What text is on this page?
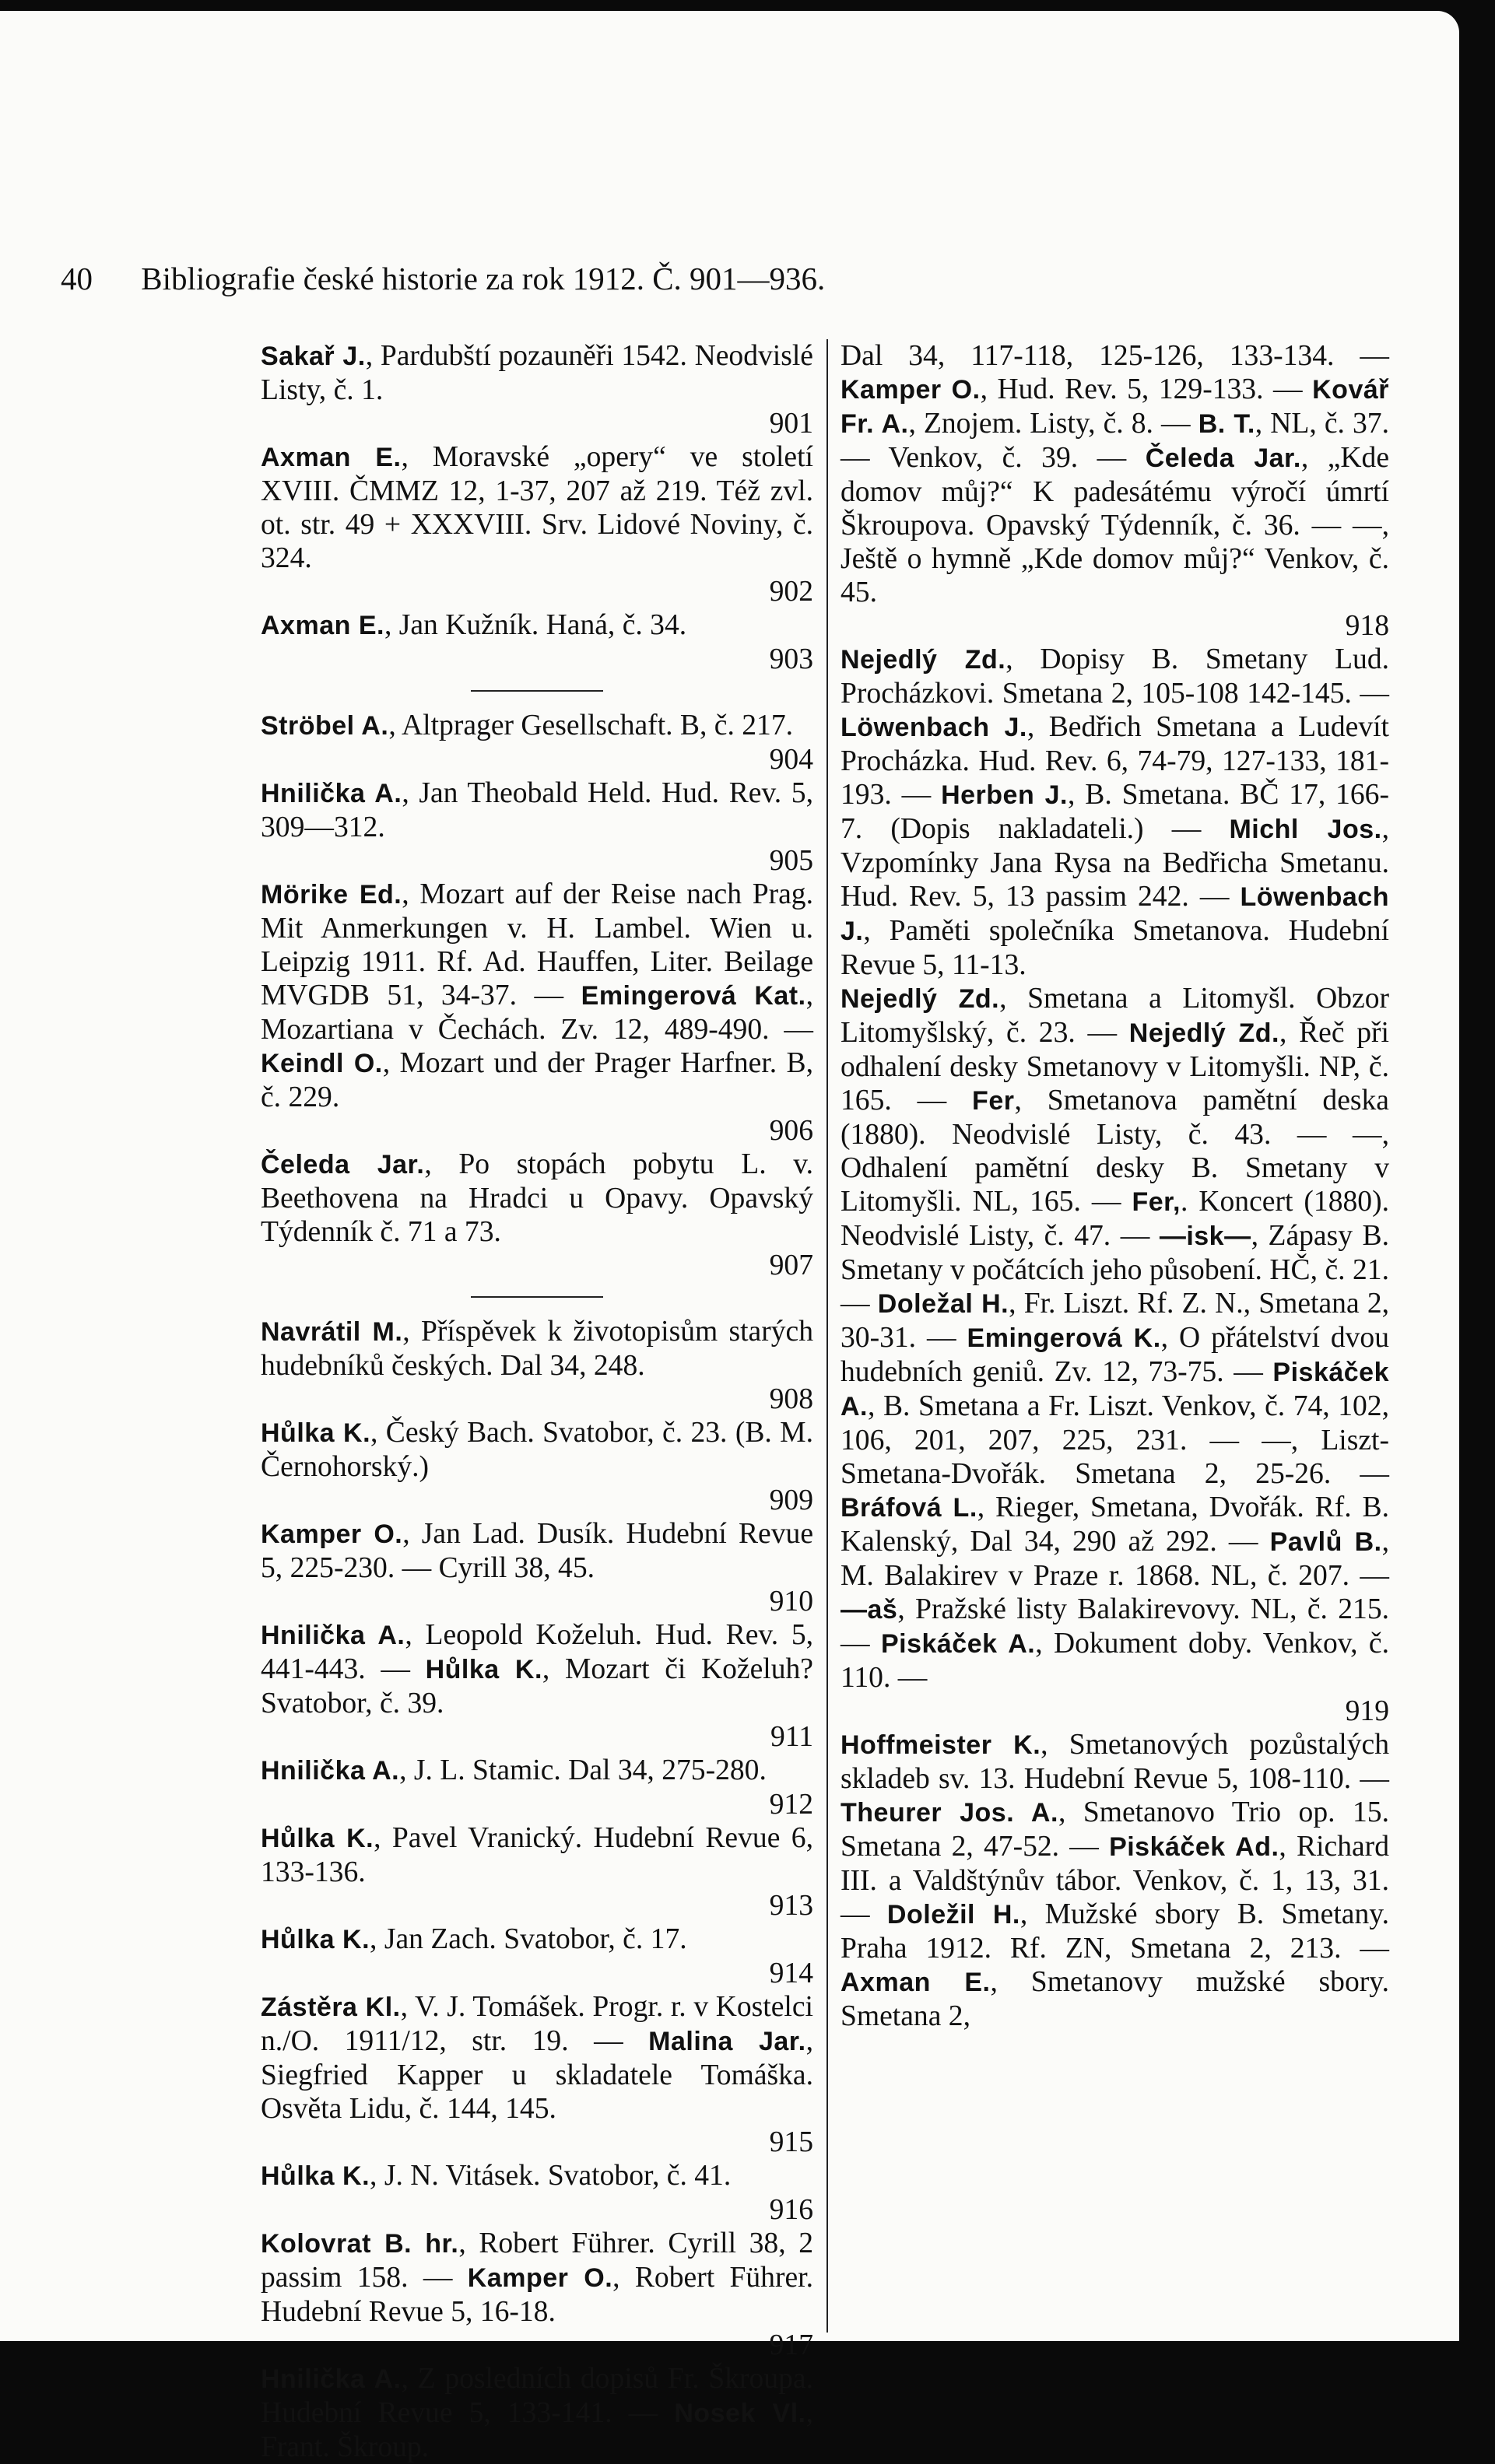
40 Bibliografie české historie za rok 1912. Č. 901—936.

Sakař J., Pardubští pozauněři 1542. Neodvislé Listy, č. 1.

901

Axman E., Moravské „opery“ ve století XVIII. ČMMZ 12, 1-37, 207 až 219. Též zvl. ot. str. 49 + XXXVIII. Srv. Lidové Noviny, č. 324.

902

Axman E., Jan Kužník. Haná, č. 34.

903

Ströbel A., Altprager Gesellschaft. B, č. 217.

904

Hnilička A., Jan Theobald Held. Hud. Rev. 5, 309—312.

905

Mörike Ed., Mozart auf der Reise nach Prag. Mit Anmerkungen v. H. Lambel. Wien u. Leipzig 1911. Rf. Ad. Hauffen, Liter. Beilage MVGDB 51, 34-37. — Emingerová Kat., Mozartiana v Čechách. Zv. 12, 489-490. — Keindl O., Mozart und der Prager Harfner. B, č. 229.

906

Čeleda Jar., Po stopách pobytu L. v. Beethovena na Hradci u Opavy. Opavský Týdenník č. 71 a 73.

907

Navrátil M., Příspěvek k životopisům starých hudebníků českých. Dal 34, 248.

908

Hůlka K., Český Bach. Svatobor, č. 23. (B. M. Černohorský.)

909

Kamper O., Jan Lad. Dusík. Hudební Revue 5, 225-230. — Cyrill 38, 45.

910

Hnilička A., Leopold Koželuh. Hud. Rev. 5, 441-443. — Hůlka K., Mozart či Koželuh? Svatobor, č. 39.

911

Hnilička A., J. L. Stamic. Dal 34, 275-280.

912

Hůlka K., Pavel Vranický. Hudební Revue 6, 133-136.

913

Hůlka K., Jan Zach. Svatobor, č. 17.

914

Zástěra Kl., V. J. Tomášek. Progr. r. v Kostelci n./O. 1911/12, str. 19. — Malina Jar., Siegfried Kapper u skladatele Tomáška. Osvěta Lidu, č. 144, 145.

915

Hůlka K., J. N. Vitásek. Svatobor, č. 41.

916

Kolovrat B. hr., Robert Führer. Cyrill 38, 2 passim 158. — Kamper O., Robert Führer. Hudební Revue 5, 16-18.

917

Hnilička A., Z posledních dopisů Fr. Škroupa. Hudební Revue 5, 133-141. — Nosek Vl., Frant. Škroup.

Dal 34, 117-118, 125-126, 133-134. — Kamper O., Hud. Rev. 5, 129-133. — Kovář Fr. A., Znojem. Listy, č. 8. — B. T., NL, č. 37. — Venkov, č. 39. — Čeleda Jar., „Kde domov můj?“ K padesátému výročí úmrtí Škroupova. Opavský Týdenník, č. 36. — —, Ještě o hymně „Kde domov můj?“ Venkov, č. 45.

918

Nejedlý Zd., Dopisy B. Smetany Lud. Procházkovi. Smetana 2, 105-108 142-145. — Löwenbach J., Bedřich Smetana a Ludevít Procházka. Hud. Rev. 6, 74-79, 127-133, 181-193. — Herben J., B. Smetana. BČ 17, 166-7. (Dopis nakladateli.) — Michl Jos., Vzpomínky Jana Rysa na Bedřicha Smetanu. Hud. Rev. 5, 13 passim 242. — Löwenbach J., Paměti společníka Smetanova. Hudební Revue 5, 11-13.

Nejedlý Zd., Smetana a Litomyšl. Obzor Litomyšlský, č. 23. — Nejedlý Zd., Řeč při odhalení desky Smetanovy v Litomyšli. NP, č. 165. — Fer, Smetanova pamětní deska (1880). Neodvislé Listy, č. 43. — —, Odhalení pamětní desky B. Smetany v Litomyšli. NL, 165. — Fer,. Koncert (1880). Neodvislé Listy, č. 47. — —isk—, Zápasy B. Smetany v počátcích jeho působení. HČ, č. 21. — Doležal H., Fr. Liszt. Rf. Z. N., Smetana 2, 30-31. — Emingerová K., O přátelství dvou hudebních geniů. Zv. 12, 73-75. — Piskáček A., B. Smetana a Fr. Liszt. Venkov, č. 74, 102, 106, 201, 207, 225, 231. — —, Liszt-Smetana-Dvořák. Smetana 2, 25-26. — Bráfová L., Rieger, Smetana, Dvořák. Rf. B. Kalenský, Dal 34, 290 až 292. — Pavlů B., M. Balakirev v Praze r. 1868. NL, č. 207. — —aš, Pražské listy Balakirevovy. NL, č. 215. — Piskáček A., Dokument doby. Venkov, č. 110. —

919

Hoffmeister K., Smetanových pozůstalých skladeb sv. 13. Hudební Revue 5, 108-110. — Theurer Jos. A., Smetanovo Trio op. 15. Smetana 2, 47-52. — Piskáček Ad., Richard III. a Valdštýnův tábor. Venkov, č. 1, 13, 31. — Doležil H., Mužské sbory B. Smetany. Praha 1912. Rf. ZN, Smetana 2, 213. — Axman E., Smetanovy mužské sbory. Smetana 2,
